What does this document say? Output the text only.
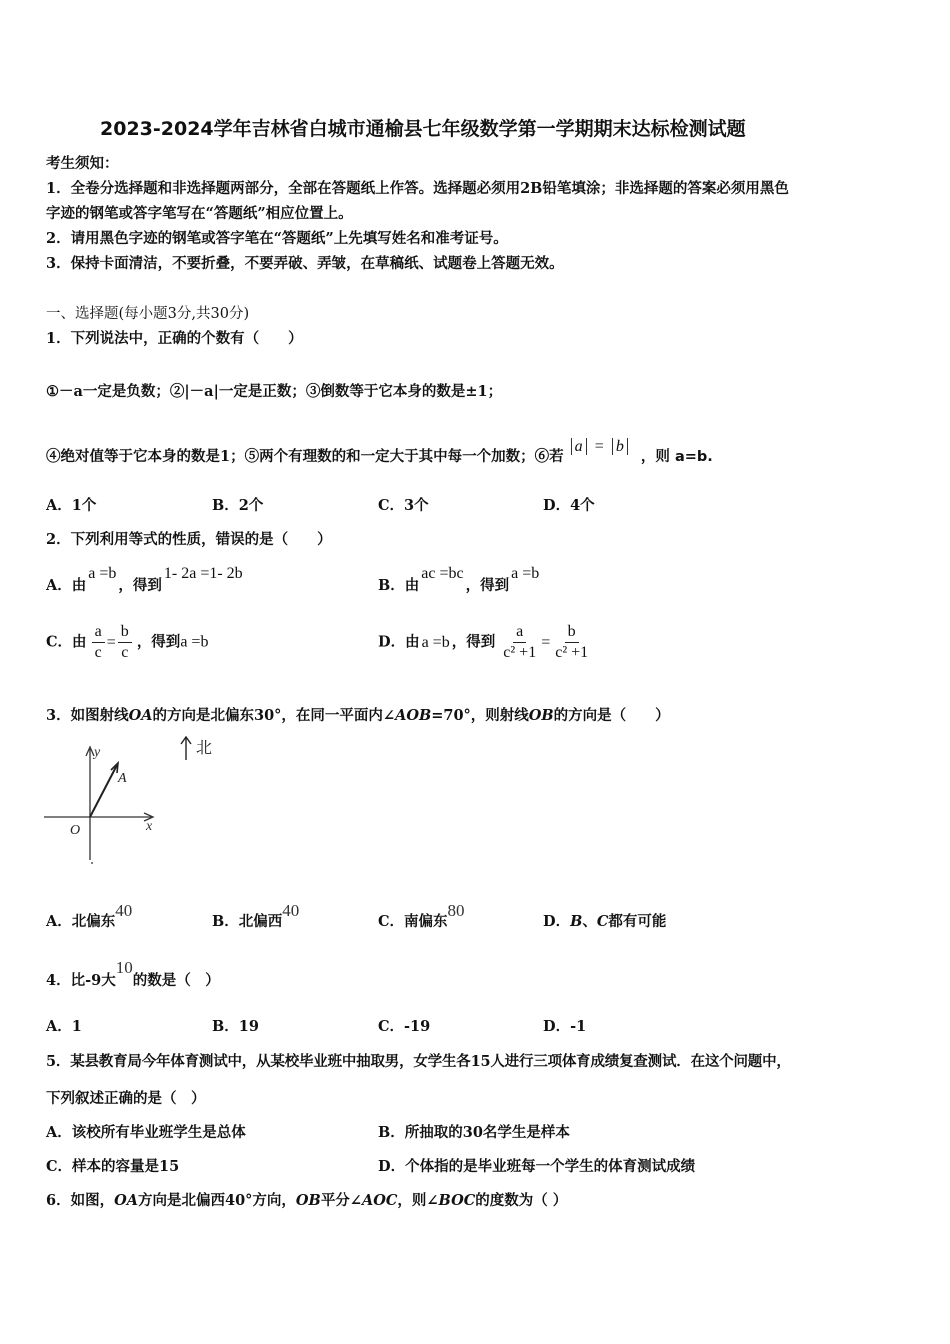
2023-2024学年吉林省白城市通榆县七年级数学第一学期期末达标检测试题
考生须知：
1．全卷分选择题和非选择题两部分，全部在答题纸上作答。选择题必须用2B铅笔填涂；非选择题的答案必须用黑色
字迹的钢笔或答字笔写在“答题纸”相应位置上。
2．请用黑色字迹的钢笔或答字笔在“答题纸”上先填写姓名和准考证号。
3．保持卡面清洁，不要折叠，不要弄破、弄皱，在草稿纸、试题卷上答题无效。
一、选择题(每小题3分,共30分)
1．下列说法中，正确的个数有（　　）
①－a一定是负数；②|－a|一定是正数；③倒数等于它本身的数是±1；
④绝对值等于它本身的数是1；⑤两个有理数的和一定大于其中每一个加数；⑥若 a = b ，则 a=b.
A．1个	B．2个	C．3个	D．4个
2．下列利用等式的性质，错误的是（　　）
A．由a =b，得到1- 2a =1- 2b
B．由ac =bc，得到a =b
C．由 $\frac{a}{c} = \frac{b}{c}$ ，得到a =b	D．由 a =b ，得到 $\frac{a}{\text{c² +1}} = \frac{b}{\text{c² +1}}$
3．如图射线OA的方向是北偏东30°，在同一平面内∠AOB=70°，则射线OB的方向是（　　）
北
y
x
A
O
A．北偏东40
B．北偏西40
C．南偏东80
D．B、C都有可能
4．比-9大10的数是（　）
A．1	B．19	C．-19	D．-1
5．某县教育局今年体育测试中，从某校毕业班中抽取男，女学生各15人进行三项体育成绩复查测试．在这个问题中，
下列叙述正确的是（　）
A．该校所有毕业班学生是总体	B．所抽取的30名学生是样本
C．样本的容量是15	D．个体指的是毕业班每一个学生的体育测试成绩
6．如图，OA方向是北偏西40°方向，OB平分∠AOC，则∠BOC的度数为（ ）
